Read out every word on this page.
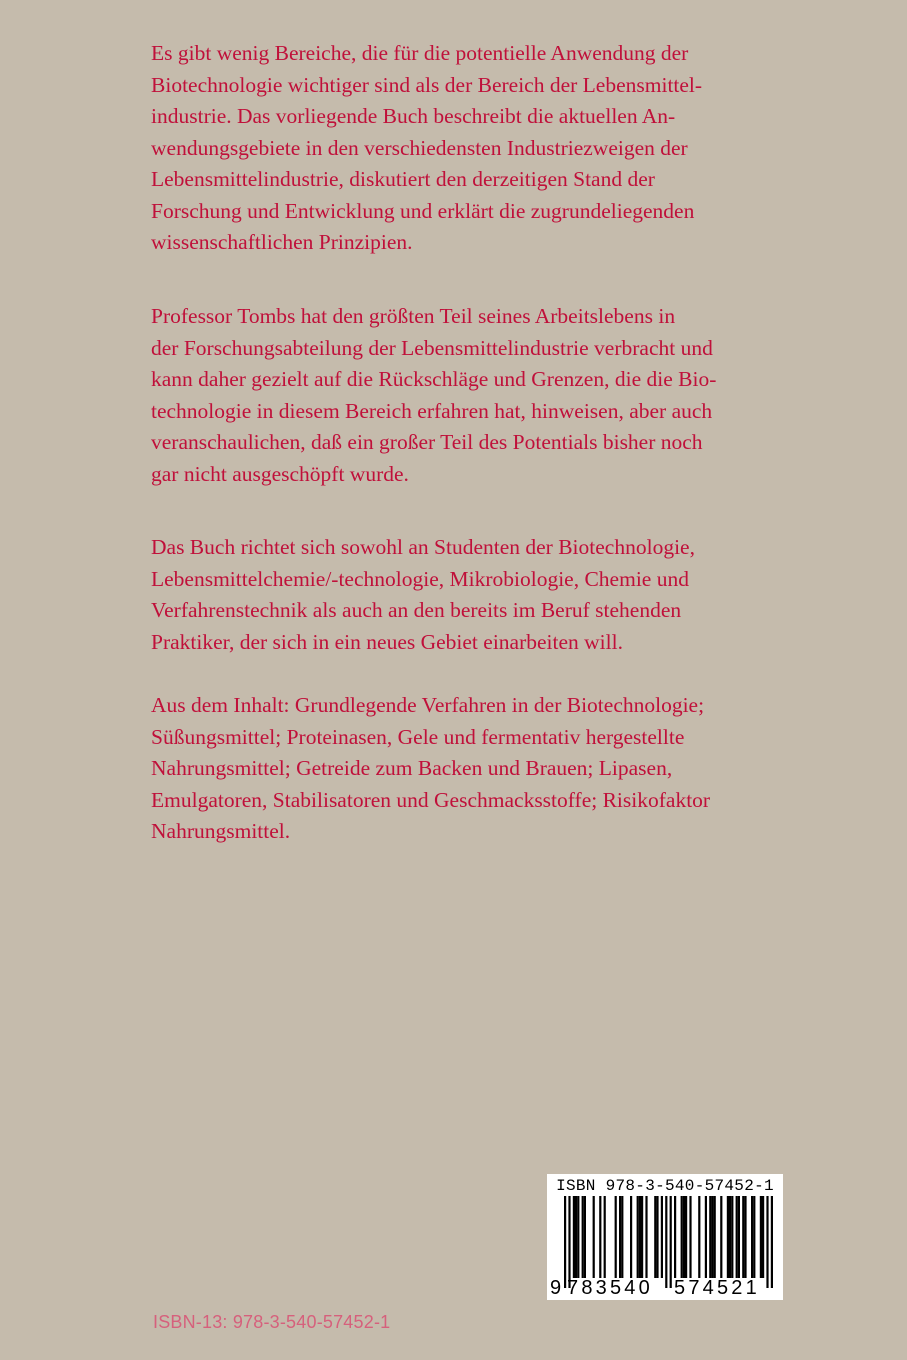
Es gibt wenig Bereiche, die für die potentielle Anwendung der
Biotechnologie wichtiger sind als der Bereich der Lebensmittel-
industrie. Das vorliegende Buch beschreibt die aktuellen An-
wendungsgebiete in den verschiedensten Industriezweigen der
Lebensmittelindustrie, diskutiert den derzeitigen Stand der
Forschung und Entwicklung und erklärt die zugrundeliegenden
wissenschaftlichen Prinzipien.
Professor Tombs hat den größten Teil seines Arbeitslebens in
der Forschungsabteilung der Lebensmittelindustrie verbracht und
kann daher gezielt auf die Rückschläge und Grenzen, die die Bio-
technologie in diesem Bereich erfahren hat, hinweisen, aber auch
veranschaulichen, daß ein großer Teil des Potentials bisher noch
gar nicht ausgeschöpft wurde.
Das Buch richtet sich sowohl an Studenten der Biotechnologie,
Lebensmittelchemie/-technologie, Mikrobiologie, Chemie und
Verfahrenstechnik als auch an den bereits im Beruf stehenden
Praktiker, der sich in ein neues Gebiet einarbeiten will.
Aus dem Inhalt: Grundlegende Verfahren in der Biotechnologie;
Süßungsmittel; Proteinasen, Gele und fermentativ hergestellte
Nahrungsmittel; Getreide zum Backen und Brauen; Lipasen,
Emulgatoren, Stabilisatoren und Geschmacksstoffe; Risikofaktor
Nahrungsmittel.
ISBN-13: 978-3-540-57452-1
ISBN 978-3-540-57452-1
9 783540 574521
